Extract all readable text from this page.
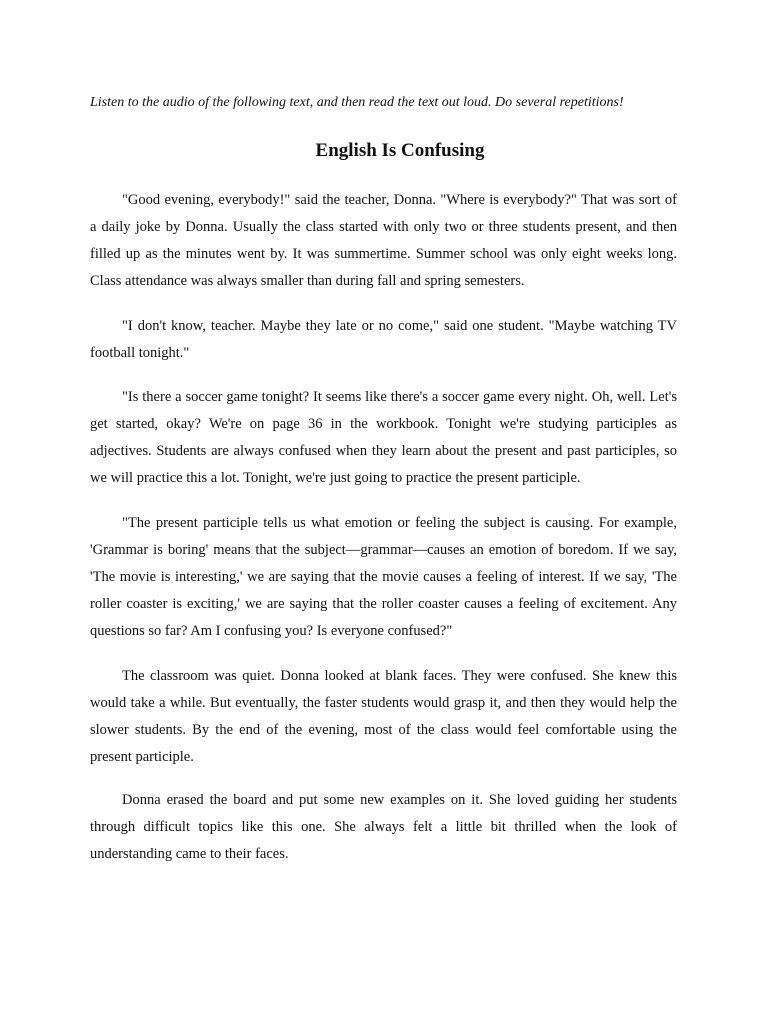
Listen to the audio of the following text, and then read the text out loud. Do several repetitions!
English Is Confusing

"Good evening, everybody!" said the teacher, Donna. "Where is everybody?" That was sort of a daily joke by Donna. Usually the class started with only two or three students present, and then filled up as the minutes went by. It was summertime. Summer school was only eight weeks long. Class attendance was always smaller than during fall and spring semesters.

"I don't know, teacher. Maybe they late or no come," said one student. "Maybe watching TV football tonight."

"Is there a soccer game tonight? It seems like there's a soccer game every night. Oh, well. Let's get started, okay? We're on page 36 in the workbook. Tonight we're studying participles as adjectives. Students are always confused when they learn about the present and past participles, so we will practice this a lot. Tonight, we're just going to practice the present participle.

"The present participle tells us what emotion or feeling the subject is causing. For example, 'Grammar is boring' means that the subject—grammar—causes an emotion of boredom. If we say, 'The movie is interesting,' we are saying that the movie causes a feeling of interest. If we say, 'The roller coaster is exciting,' we are saying that the roller coaster causes a feeling of excitement. Any questions so far? Am I confusing you? Is everyone confused?"

The classroom was quiet. Donna looked at blank faces. They were confused. She knew this would take a while. But eventually, the faster students would grasp it, and then they would help the slower students. By the end of the evening, most of the class would feel comfortable using the present participle.

Donna erased the board and put some new examples on it. She loved guiding her students through difficult topics like this one. She always felt a little bit thrilled when the look of understanding came to their faces.
